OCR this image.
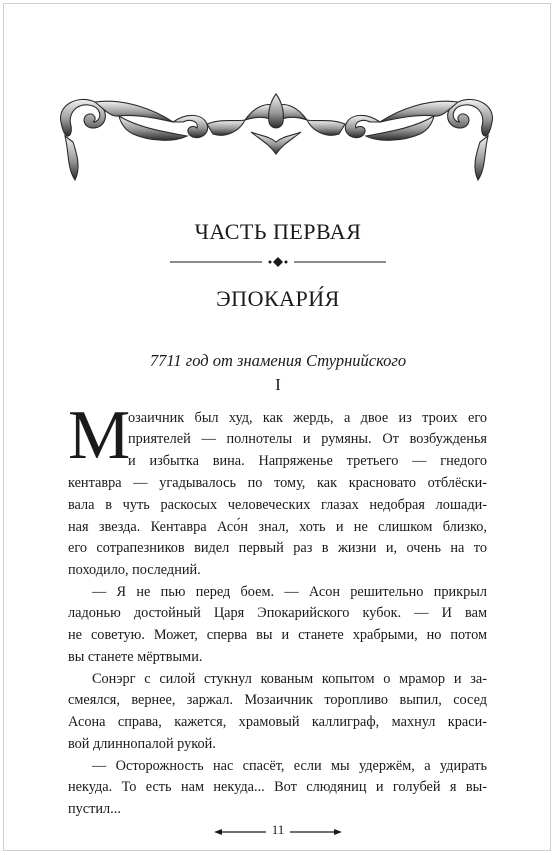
ЧАСТЬ ПЕРВАЯ
ЭПОКАРИ́Я
7711 год от знамения Стурнийского
I
М
озаичник был худ, как жердь, а двое из троих его
приятелей — полнотелы и румяны. От возбужденья
и избытка вина. Напряженье третьего — гнедого
кентавра — угадывалось по тому, как красновато отблёски-
вала в чуть раскосых человеческих глазах недобрая лошади-
ная звезда. Кентавра Асо́н знал, хоть и не слишком близко,
его сотрапезников видел первый раз в жизни и, очень на то
походило, последний.
— Я не пью перед боем. — Асон решительно прикрыл
ладонью достойный Царя Эпокарийского кубок. — И вам
не советую. Может, сперва вы и станете храбрыми, но потом
вы станете мёртвыми.
Сонэрг с силой стукнул кованым копытом о мрамор и за-
смеялся, вернее, заржал. Мозаичник торопливо выпил, сосед
Асона справа, кажется, храмовый каллиграф, махнул краси-
вой длиннопалой рукой.
— Осторожность нас спасёт, если мы удержём, а удирать
некуда. То есть нам некуда... Вот слюдяниц и голубей я вы-
пустил...
11
